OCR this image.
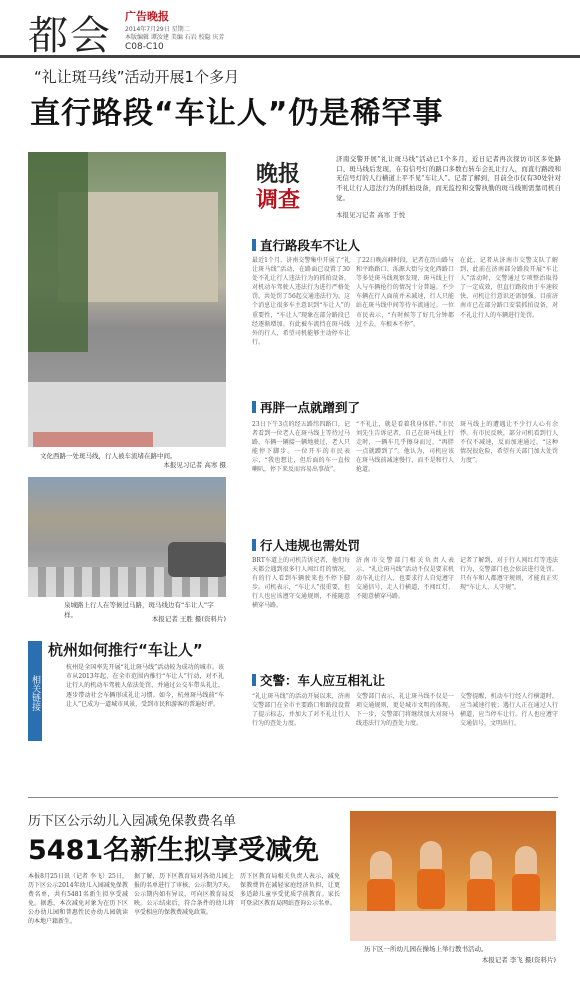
都会 广告晚报
2014年7月29日 星期二
本版编辑 谭汝建 美编 石岩 校隐 庆芳
C08-C10
“礼让斑马线”活动开展1个多月
直行路段“车让人”仍是稀罕事
文化西路一处斑马线，行人被车流堵在路中间。
本报见习记者 高寒 摄
泉城路上行人在等候过马路，斑马线边有“车让人”字样。	本报记者 王胜 摄(资料片)
相关链接
杭州如何推行“车让人”
杭州是全国率先开展“礼让斑马线”活动较为成功的城市。该市从2013年起，在全市范围内推行“车让人”行动，对不礼让行人的机动车驾驶人依法处罚，并通过公交车带头礼让，逐步带动社会车辆形成礼让习惯。如今，杭州斑马线前“车让人”已成为一道城市风景，受到市民和游客的普遍好评。
晚报
调查
济南交警开展“礼让斑马线”活动已1个多月，近日记者再次探访市区多处路口、斑马线后发现，在有信号灯的路口多数右转车会礼让行人，而直行路段和无信号灯的人行横道上平不见“车让人”。记者了解到，目前全市仅有30处针对不礼让行人违法行为的抓拍设备，而无监控和交警执勤的斑马线则需靠司机自觉。
本报见习记者 高寒 于悦
直行路段车不让人
最近1个月，济南交警集中开展了“礼让斑马线”活动，在路面已设置了30处不礼让行人违法行为的抓拍设备，对机动车驾驶人违法行为进行严格处罚，共处罚了56起交通违法行为。这个消息让很多车主意识到“车让人”的重要性，“车让人”现象在部分路段已经逐渐增加。有此被车流挡在斑马线外的行人，希望司机能够主动停车让行。
了22日晚高峰时段，记者在历山路与和平路路口、泺源大街与文化西路口等多处斑马线观察发现，斑马线上行人与车辆抢行的情况十分普遍。不少车辆在行人面前并未减速，行人只能站在斑马线中间等待车流通过。一位市民表示，“有时候等了好几分钟都过不去，车根本不停”。
在此，记者从济南市交警支队了解到，此前在济南部分路段开展“车让人”活动时，交警通过专项整治取得了一定成效，但直行路段由于车速较快，司机让行意识还需加强。目前济南市已在部分路口安装抓拍设备，对不礼让行人的车辆进行处罚。
再胖一点就蹭到了
23日下午3点的经五路纬四路口，记者看到一位老人在斑马线上等待过马路，车辆一辆接一辆地驶过，老人只能停下脚步。一位开车的市民表示，“我也想让，但后面的车一直按喇叭，停下来反而容易出事故”。
“不礼让，就是看着我身体胖。”市民刘先生告诉记者，自己在斑马线上行走时，一辆车几乎擦身而过，“再胖一点就蹭到了”。他认为，司机应该在斑马线前减速慢行，而不是和行人抢道。
斑马线上的遭遇让不少行人心有余悸。有市民反映，部分司机看到行人不仅不减速，反而加速通过，“这种情况很危险，希望有关部门加大处罚力度”。
行人违规也需处罚
BRT车道上的司机告诉记者，他们每天都会遇到很多行人闯红灯的情况，有的行人看到车辆驶来也不停下脚步。司机表示，“车让人”很重要，但行人也应该遵守交通规则，不能随意横穿马路。
济南市交警部门相关负责人表示，“礼让斑马线”活动不仅是要求机动车礼让行人，也要求行人自觉遵守交通信号，走人行横道，不闯红灯、不随意横穿马路。
记者了解到，对于行人闯红灯等违法行为，交警部门也会依法进行处罚。只有车和人都遵守规则，才能真正实现“车让人、人守规”。
交警：车人应互相礼让
“礼让斑马线”的活动开展以来，济南交警部门在全市主要路口和路段设置了提示标志，并加大了对不礼让行人行为的查处力度。
交警部门表示，礼让斑马线不仅是一项交通规则，更是城市文明的体现。下一步，交警部门将继续加大对斑马线违法行为的查处力度。
交警提醒，机动车行经人行横道时，应当减速行驶；遇行人正在通过人行横道，应当停车让行。行人也应遵守交通信号，文明出行。
历下区公示幼儿入园减免保教费名单
5481名新生拟享受减免
本报8月25日讯（记者 李飞）25日，历下区公示2014年幼儿入园减免保教费名单，共有5481名新生拟享受减免。据悉，本次减免对象为在历下区公办幼儿园和普惠性民办幼儿园就读的本地户籍新生。
据了解，历下区教育局对各幼儿园上报的名单进行了审核，公示期为7天。公示期内如有异议，可向区教育局反映。公示结束后，符合条件的幼儿将享受相应的保教费减免政策。
历下区教育局相关负责人表示，减免保教费旨在减轻家庭经济负担，让更多适龄儿童享受优质学前教育。家长可登录区教育局网站查询公示名单。
历下区一所幼儿园在操场上举行教书活动。
本报记者 李飞 摄(资料片)
